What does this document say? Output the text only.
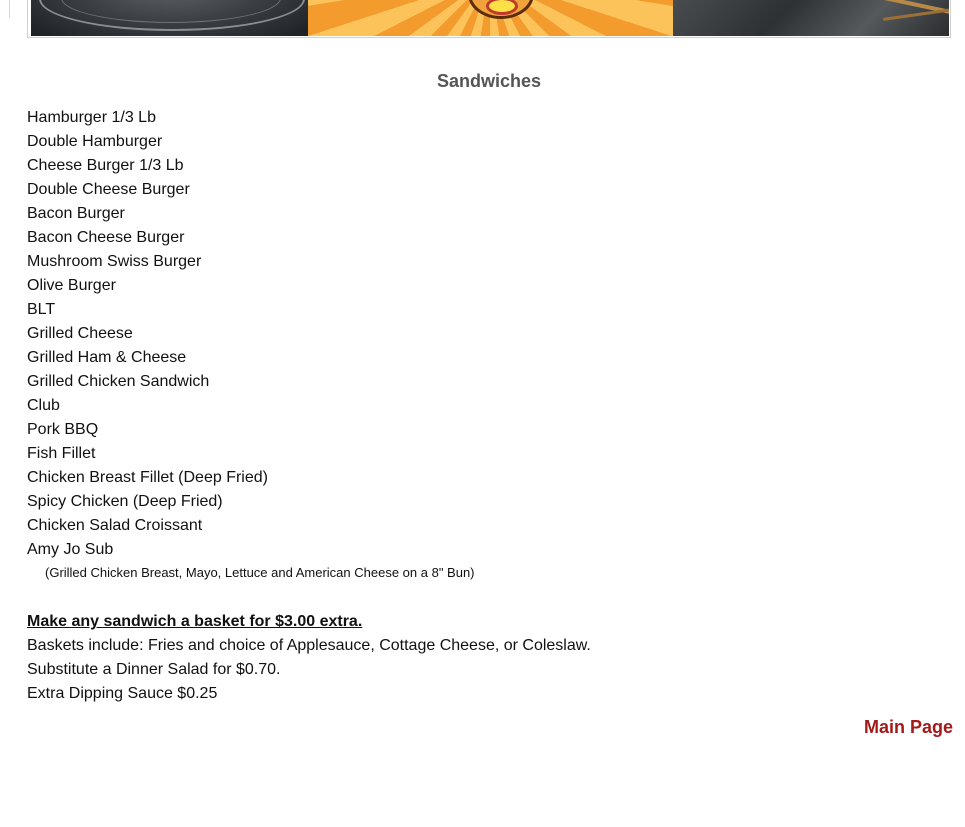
Sandwiches
Hamburger 1/3 Lb
Double Hamburger
Cheese Burger 1/3 Lb
Double Cheese Burger
Bacon Burger
Bacon Cheese Burger
Mushroom Swiss Burger
Olive Burger
BLT
Grilled Cheese
Grilled Ham & Cheese
Grilled Chicken Sandwich
Club
Pork BBQ
Fish Fillet
Chicken Breast Fillet (Deep Fried)
Spicy Chicken (Deep Fried)
Chicken Salad Croissant
Amy Jo Sub
(Grilled Chicken Breast, Mayo, Lettuce and American Cheese on a 8" Bun)
Make any sandwich a basket for $3.00 extra.
Baskets include: Fries and choice of Applesauce, Cottage Cheese, or Coleslaw.
Substitute a Dinner Salad for $0.70.
Extra Dipping Sauce $0.25
Main Page
